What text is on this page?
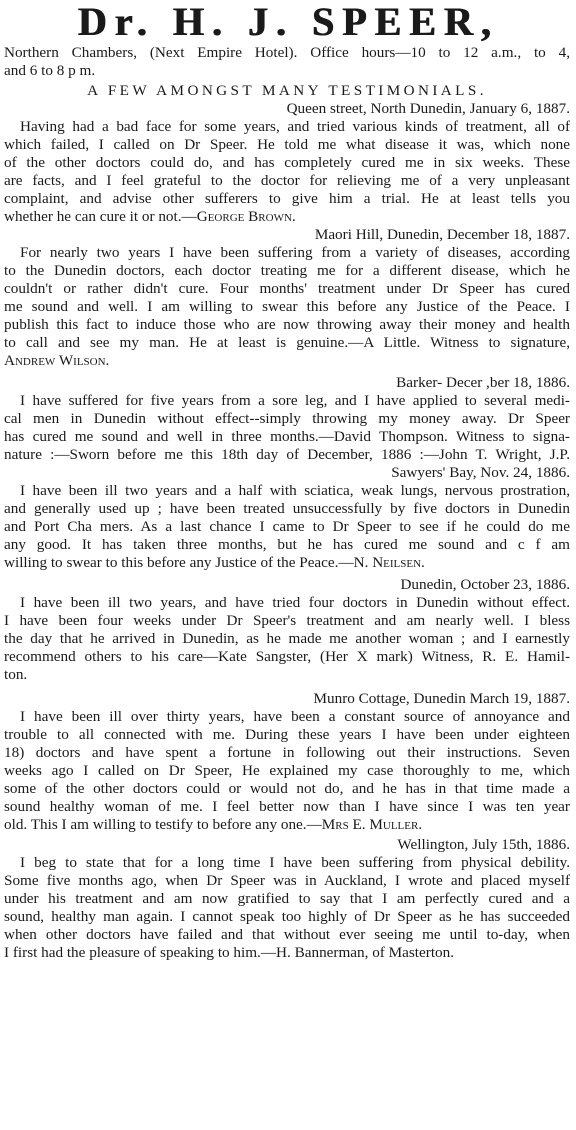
Dr. H. J. SPEER,
Northern Chambers, (Next Empire Hotel). Office hours—10 to 12 a.m., to 4,
and 6 to 8 p m.
A FEW AMONGST MANY TESTIMONIALS.
Queen street, North Dunedin, January 6, 1887.
Having had a bad face for some years, and tried various kinds of treatment, all of
which failed, I called on Dr Speer. He told me what disease it was, which none
of the other doctors could do, and has completely cured me in six weeks. These
are facts, and I feel grateful to the doctor for relieving me of a very unpleasant
complaint, and advise other sufferers to give him a trial. He at least tells you
whether he can cure it or not.—George Brown.
Maori Hill, Dunedin, December 18, 1887.
For nearly two years I have been suffering from a variety of diseases, according
to the Dunedin doctors, each doctor treating me for a different disease, which he
couldn't or rather didn't cure. Four months' treatment under Dr Speer has cured
me sound and well. I am willing to swear this before any Justice of the Peace. I
publish this fact to induce those who are now throwing away their money and health
to call and see my man. He at least is genuine.—A Little. Witness to signature,
Andrew Wilson.
Barker- Decer ,ber 18, 1886.
I have suffered for five years from a sore leg, and I have applied to several medi-
cal men in Dunedin without effect--simply throwing my money away. Dr Speer
has cured me sound and well in three months.—David Thompson. Witness to signa-
nature :—Sworn before me this 18th day of December, 1886 :—John T. Wright, J.P.
Sawyers' Bay, Nov. 24, 1886.
I have been ill two years and a half with sciatica, weak lungs, nervous prostration,
and generally used up ; have been treated unsuccessfully by five doctors in Dunedin
and Port Cha mers. As a last chance I came to Dr Speer to see if he could do me
any good. It has taken three months, but he has cured me sound and c f am
willing to swear to this before any Justice of the Peace.—N. Neilsen.
Dunedin, October 23, 1886.
I have been ill two years, and have tried four doctors in Dunedin without effect.
I have been four weeks under Dr Speer's treatment and am nearly well. I bless
the day that he arrived in Dunedin, as he made me another woman ; and I earnestly
recommend others to his care—Kate Sangster, (Her X mark) Witness, R. E. Hamil-
ton.
Munro Cottage, Dunedin March 19, 1887.
I have been ill over thirty years, have been a constant source of annoyance and
trouble to all connected with me. During these years I have been under eighteen
18) doctors and have spent a fortune in following out their instructions. Seven
weeks ago I called on Dr Speer, He explained my case thoroughly to me, which
some of the other doctors could or would not do, and he has in that time made a
sound healthy woman of me. I feel better now than I have since I was ten year
old. This I am willing to testify to before any one.—Mrs E. Muller.
Wellington, July 15th, 1886.
I beg to state that for a long time I have been suffering from physical debility.
Some five months ago, when Dr Speer was in Auckland, I wrote and placed myself
under his treatment and am now gratified to say that I am perfectly cured and a
sound, healthy man again. I cannot speak too highly of Dr Speer as he has succeeded
when other doctors have failed and that without ever seeing me until to-day, when
I first had the pleasure of speaking to him.—H. Bannerman, of Masterton.
